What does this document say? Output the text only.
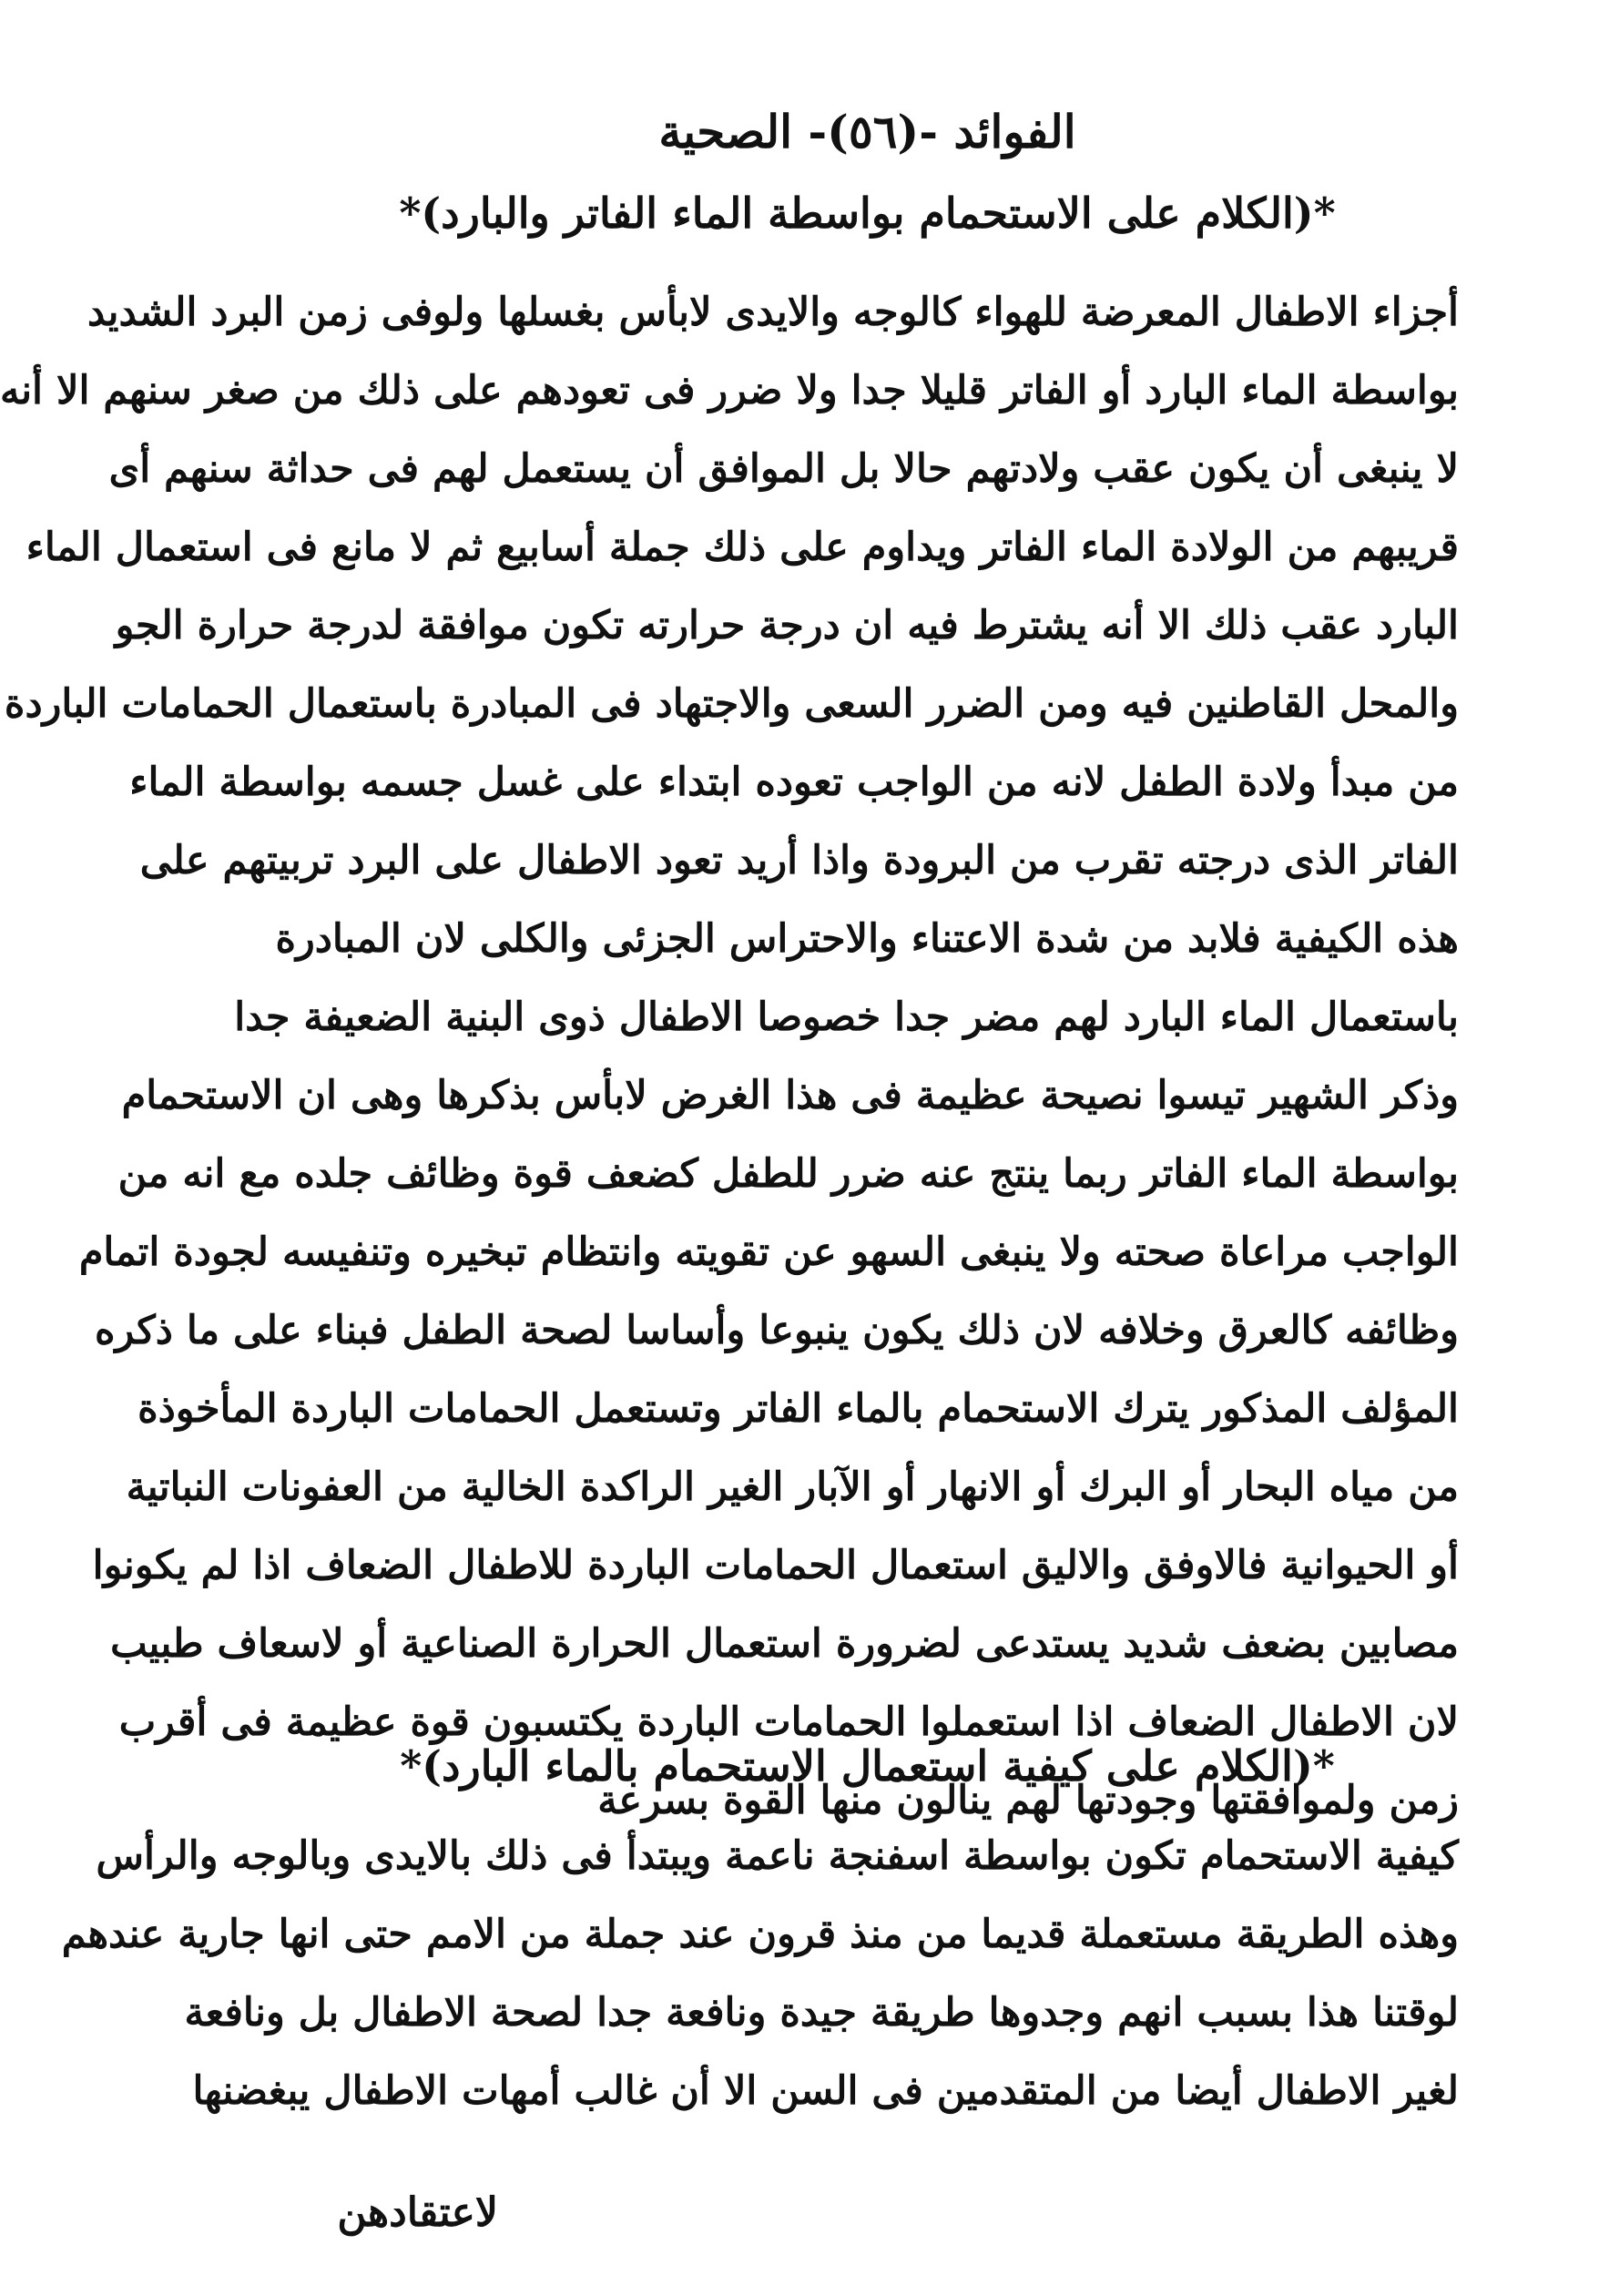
الفوائد -(٥٦)- الصحية
*(الكلام على الاستحمام بواسطة الماء الفاتر والبارد)*
أجزاء الاطفال المعرضة للهواء كالوجه والايدى لابأس بغسلها ولوفى زمن البرد الشديد
بواسطة الماء البارد أو الفاتر قليلا جدا ولا ضرر فى تعودهم على ذلك من صغر سنهم الا أنه
لا ينبغى أن يكون عقب ولادتهم حالا بل الموافق أن يستعمل لهم فى حداثة سنهم أى
قريبهم من الولادة الماء الفاتر ويداوم على ذلك جملة أسابيع ثم لا مانع فى استعمال الماء
البارد عقب ذلك الا أنه يشترط فيه ان درجة حرارته تكون موافقة لدرجة حرارة الجو
والمحل القاطنين فيه ومن الضرر السعى والاجتهاد فى المبادرة باستعمال الحمامات الباردة
من مبدأ ولادة الطفل لانه من الواجب تعوده ابتداء على غسل جسمه بواسطة الماء
الفاتر الذى درجته تقرب من البرودة واذا أريد تعود الاطفال على البرد تربيتهم على
هذه الكيفية فلابد من شدة الاعتناء والاحتراس الجزئى والكلى لان المبادرة
باستعمال الماء البارد لهم مضر جدا خصوصا الاطفال ذوى البنية الضعيفة جدا
وذكر الشهير تيسوا نصيحة عظيمة فى هذا الغرض لابأس بذكرها وهى ان الاستحمام
بواسطة الماء الفاتر ربما ينتج عنه ضرر للطفل كضعف قوة وظائف جلده مع انه من
الواجب مراعاة صحته ولا ينبغى السهو عن تقويته وانتظام تبخيره وتنفيسه لجودة اتمام
وظائفه كالعرق وخلافه لان ذلك يكون ينبوعا وأساسا لصحة الطفل فبناء على ما ذكره
المؤلف المذكور يترك الاستحمام بالماء الفاتر وتستعمل الحمامات الباردة المأخوذة
من مياه البحار أو البرك أو الانهار أو الآبار الغير الراكدة الخالية من العفونات النباتية
أو الحيوانية فالاوفق والاليق استعمال الحمامات الباردة للاطفال الضعاف اذا لم يكونوا
مصابين بضعف شديد يستدعى لضرورة استعمال الحرارة الصناعية أو لاسعاف طبيب
لان الاطفال الضعاف اذا استعملوا الحمامات الباردة يكتسبون قوة عظيمة فى أقرب
زمن ولموافقتها وجودتها لهم ينالون منها القوة بسرعة
*(الكلام على كيفية استعمال الاستحمام بالماء البارد)*
كيفية الاستحمام تكون بواسطة اسفنجة ناعمة ويبتدأ فى ذلك بالايدى وبالوجه والرأس
وهذه الطريقة مستعملة قديما من منذ قرون عند جملة من الامم حتى انها جارية عندهم
لوقتنا هذا بسبب انهم وجدوها طريقة جيدة ونافعة جدا لصحة الاطفال بل ونافعة
لغير الاطفال أيضا من المتقدمين فى السن الا أن غالب أمهات الاطفال يبغضنها
لاعتقادهن
